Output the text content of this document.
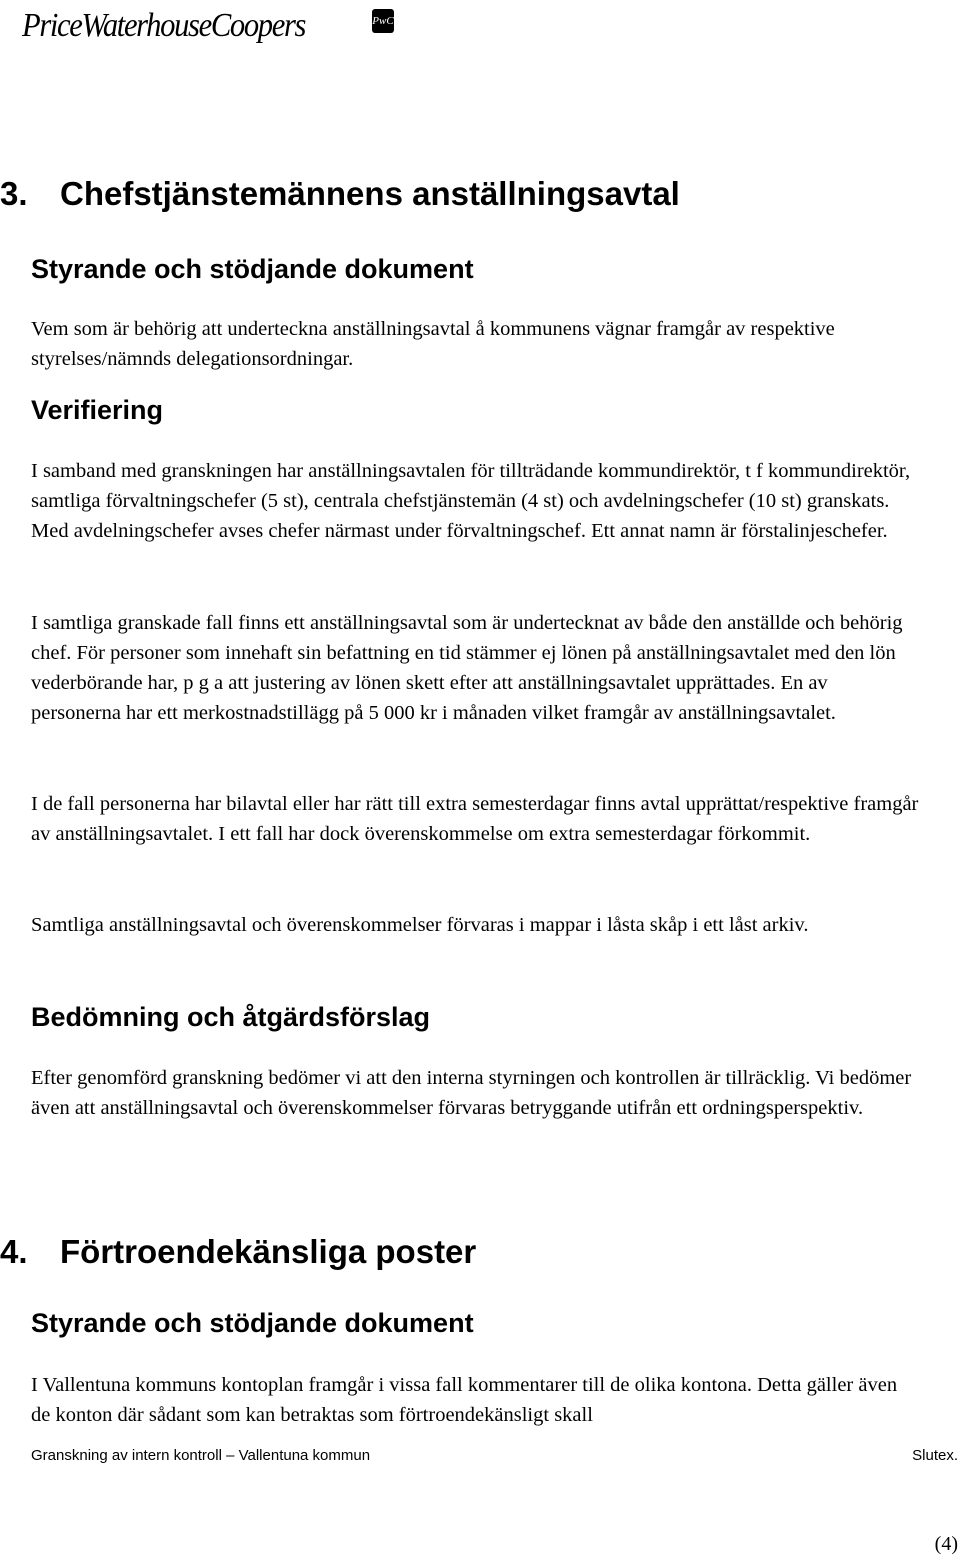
PriceWaterhouseCoopers	PwC
3. Chefstjänstemännens anställningsavtal
Styrande och stödjande dokument

Vem som är behörig att underteckna anställningsavtal å kommunens vägnar framgår av respektive styrelses/nämnds delegationsordningar.

Verifiering

I samband med granskningen har anställningsavtalen för tillträdande kommundirektör, t f kommundirektör, samtliga förvaltningschefer (5 st), centrala chefstjänstemän (4 st) och avdelningschefer (10 st) granskats. Med avdelningschefer avses chefer närmast under förvaltningschef. Ett annat namn är förstalinjeschefer.

I samtliga granskade fall finns ett anställningsavtal som är undertecknat av både den anställde och behörig chef. För personer som innehaft sin befattning en tid stämmer ej lönen på anställningsavtalet med den lön vederbörande har, p g a att justering av lönen skett efter att anställningsavtalet upprättades. En av personerna har ett merkostnadstillägg på 5 000 kr i månaden vilket framgår av anställningsavtalet.

I de fall personerna har bilavtal eller har rätt till extra semesterdagar finns avtal upprättat/respektive framgår av anställningsavtalet. I ett fall har dock överenskommelse om extra semesterdagar förkommit.

Samtliga anställningsavtal och överenskommelser förvaras i mappar i låsta skåp i ett låst arkiv.

Bedömning och åtgärdsförslag

Efter genomförd granskning bedömer vi att den interna styrningen och kontrollen är tillräcklig. Vi bedömer även att anställningsavtal och överenskommelser förvaras betryggande utifrån ett ordningsperspektiv.

4. Förtroendekänsliga poster
Styrande och stödjande dokument

I Vallentuna kommuns kontoplan framgår i vissa fall kommentarer till de olika kontona. Detta gäller även de konton där sådant som kan betraktas som förtroendekänsligt skall

Granskning av intern kontroll – Vallentuna kommun	Slutex.
(4)
